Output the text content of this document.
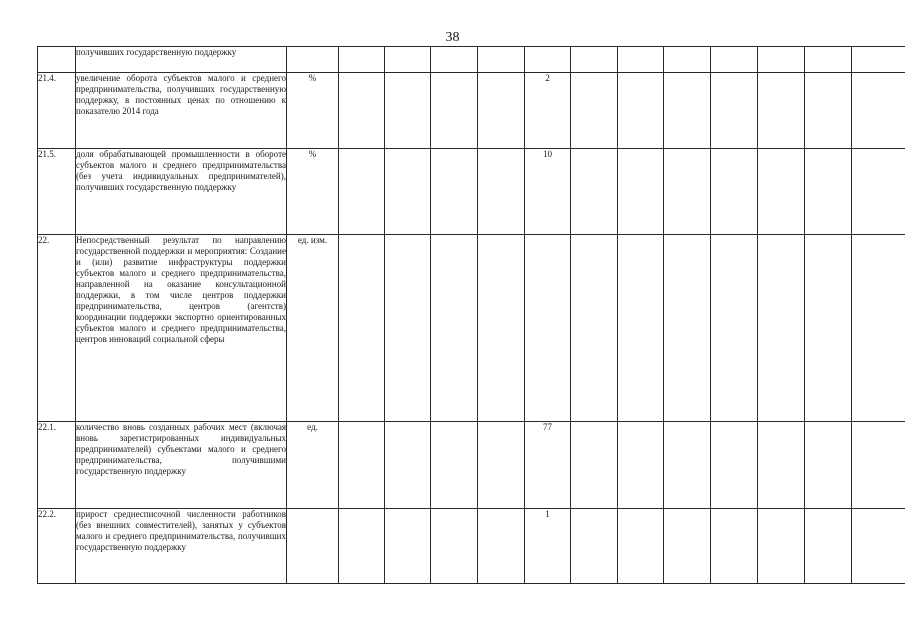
38

	получивших государственную поддержку													

21.4.	увеличение оборота субъектов малого и среднего предпринимательства, получивших государственную поддержку, в постоянных ценах по отношению к показателю 2014 года	%					2							
21.5.	доля обрабатывающей промышленности в обороте субъектов малого и среднего предпринимательства (без учета индивидуальных предпринимателей), получивших государственную поддержку	%					10							
22.	Непосредственный результат по направлению государственной поддержки и мероприятия: Создание и (или) развитие инфраструктуры поддержки субъектов малого и среднего предпринимательства, направленной на оказание консультационной поддержки, в том числе центров поддержки предпринимательства, центров (агентств) координации поддержки экспортно ориентированных субъектов малого и среднего предпринимательства, центров инноваций социальной сферы	ед. изм.												
22.1.	количество вновь созданных рабочих мест (включая вновь зарегистрированных индивидуальных предпринимателей) субъектами малого и среднего предпринимательства, получившими государственную поддержку	ед.					77							
22.2.	прирост среднесписочной численности работников (без внешних совместителей), занятых у субъектов малого и среднего предпринимательства, получивших государственную поддержку						1							
